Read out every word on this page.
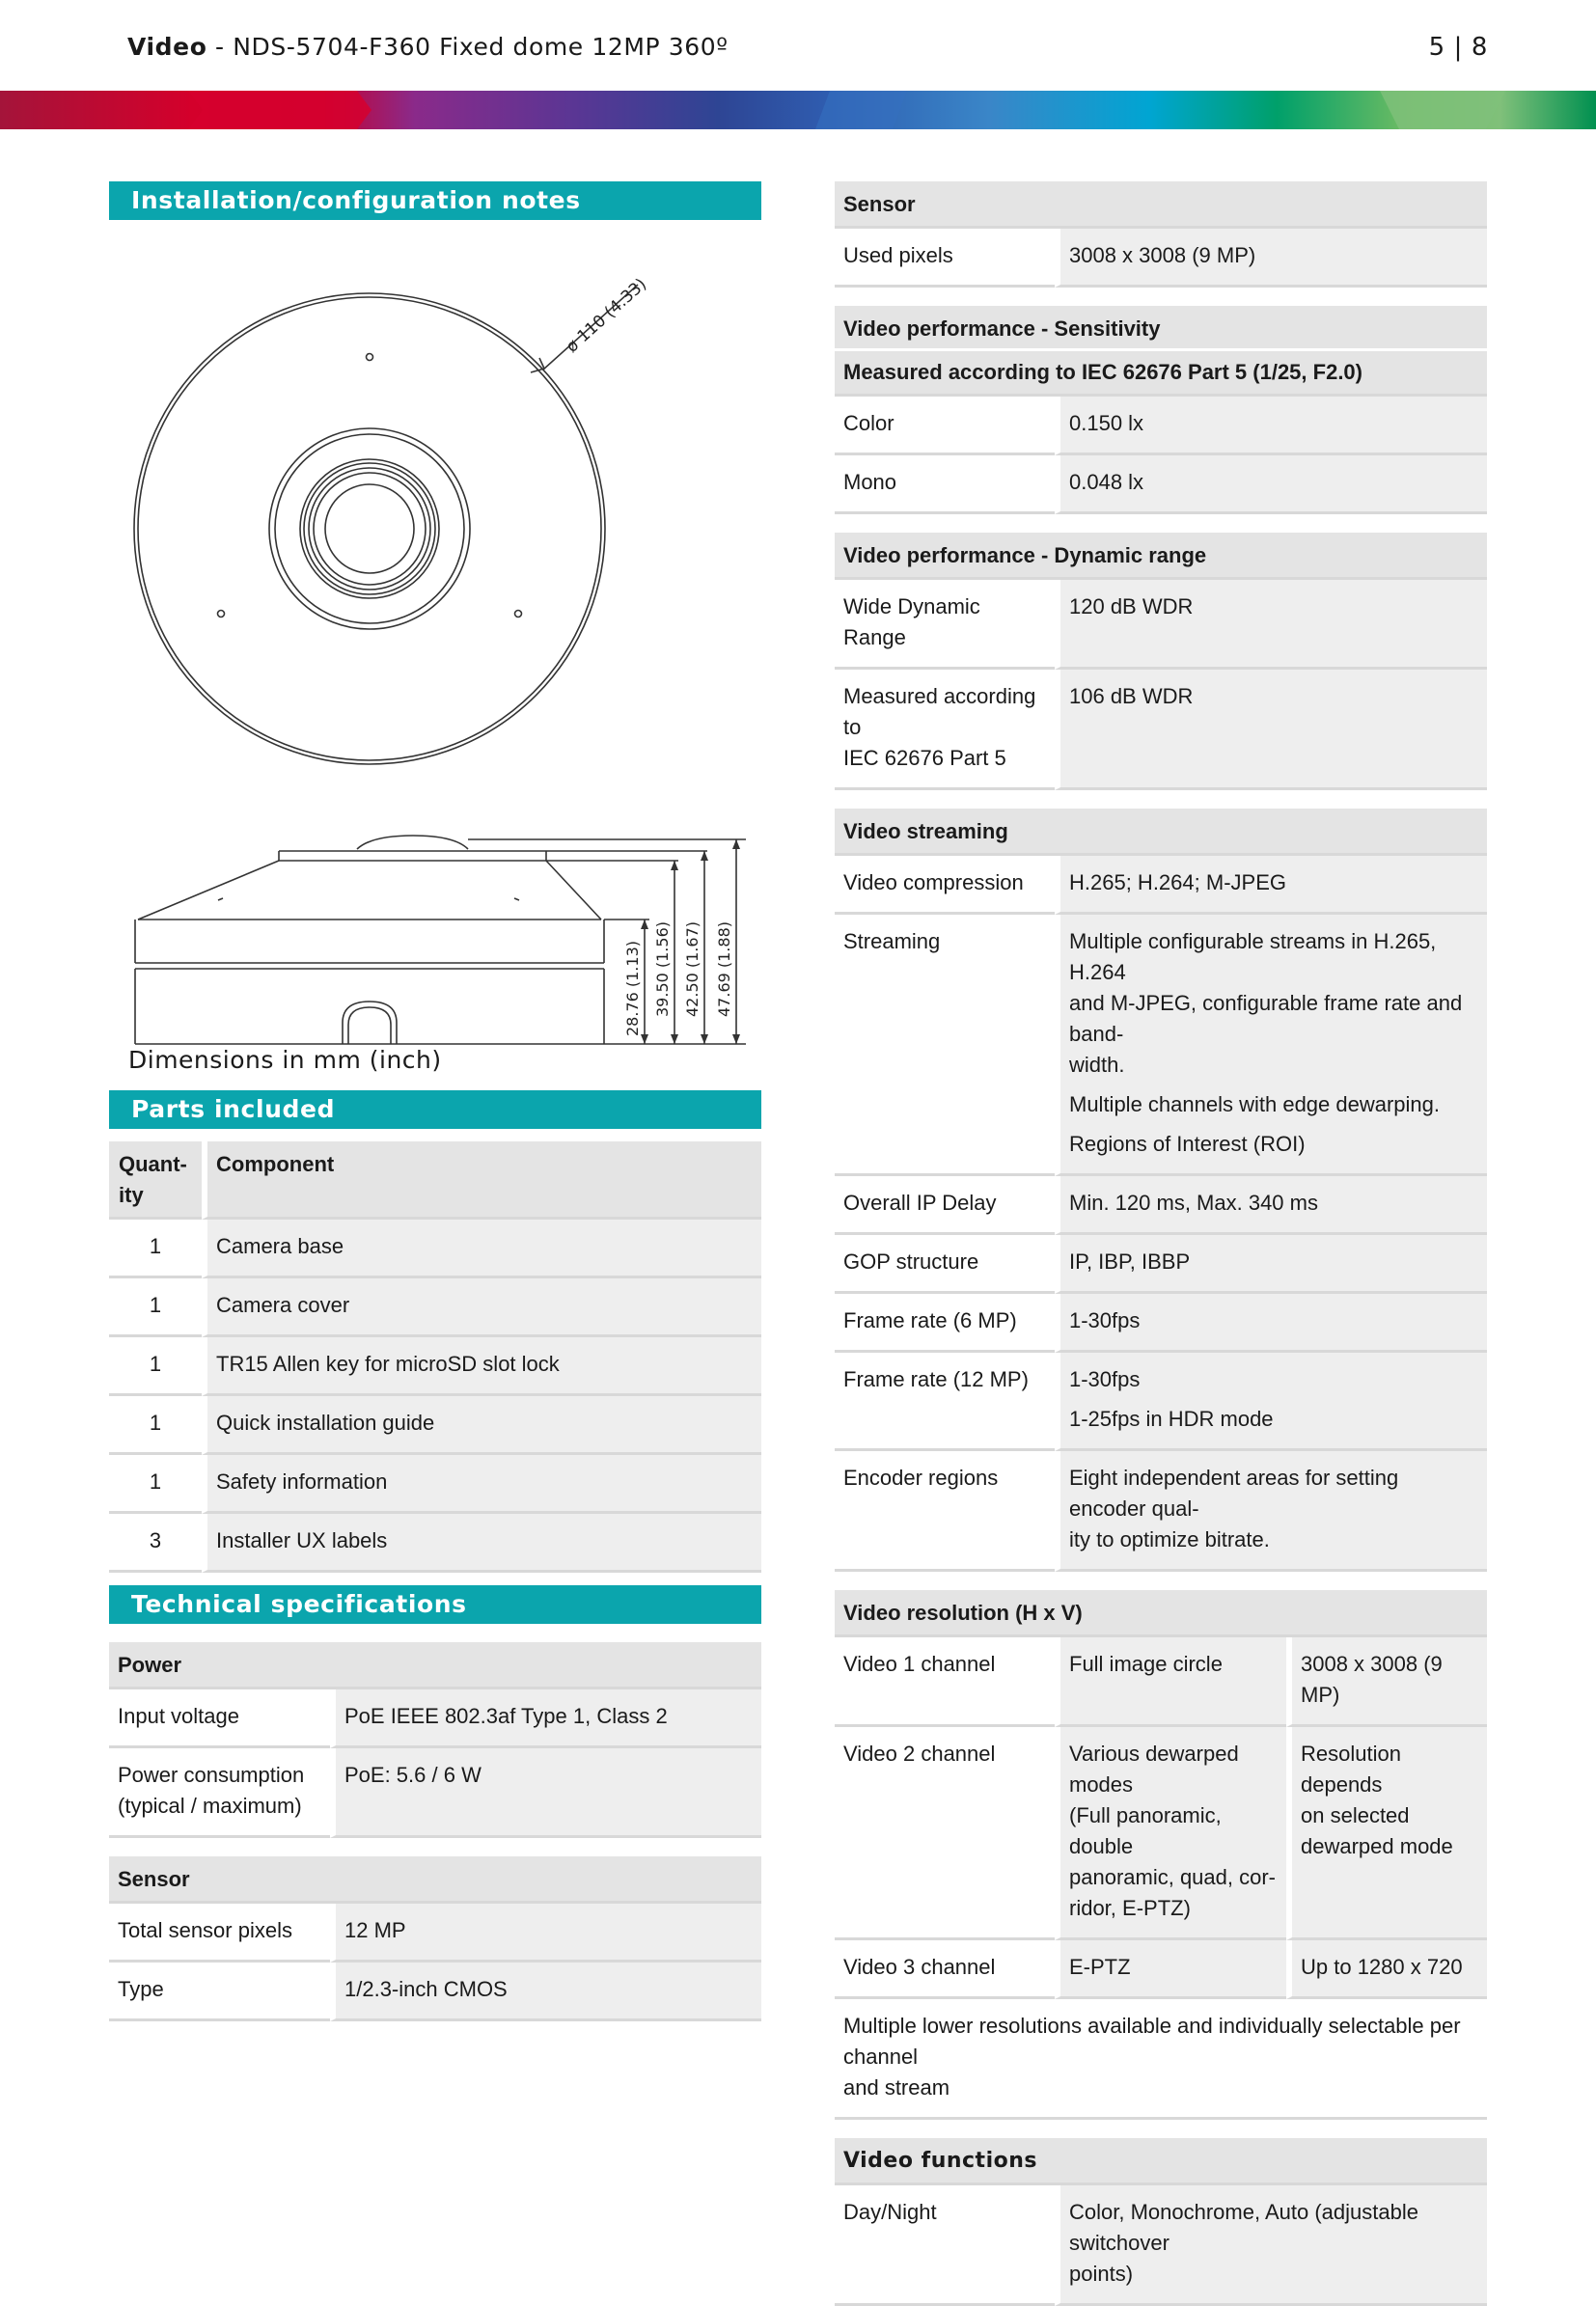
Video - NDS-5704-F360 Fixed dome 12MP 360º	5 | 8
Installation/configuration notes
ø 110 (4.33)
28.76 (1.13) 39.50 (1.56) 42.50 (1.67) 47.69 (1.88)
Dimensions in mm (inch)
Parts included
Quant-
ity	Component
1	Camera base
1	Camera cover
1	TR15 Allen key for microSD slot lock
1	Quick installation guide
1	Safety information
3	Installer UX labels
Technical specifications
Power	
Input voltage	PoE IEEE 802.3af Type 1, Class 2

Power consumption
(typical / maximum)	PoE: 5.6 / 6 W
Sensor	
Total sensor pixels	12 MP
Type	1/2.3-inch CMOS
Sensor
Used pixels	3008 x 3008 (9 MP)
Video performance - Sensitivity	
Measured according to IEC 62676 Part 5 (1/25, F2.0)	
Color	0.150 lx
Mono	0.048 lx
Video performance - Dynamic range	
Wide Dynamic Range	120 dB WDR

Measured according to
IEC 62676 Part 5	106 dB WDR
Video streaming	
Video compression	H.265; H.264; M-JPEG
Streaming	Multiple configurable streams in H.265, H.264
and M-JPEG, configurable frame rate and band-
width.
Multiple channels with edge dewarping.
Regions of Interest (ROI)

Overall IP Delay	Min. 120 ms, Max. 340 ms
GOP structure	IP, IBP, IBBP
Frame rate (6 MP)	1-30fps
Frame rate (12 MP)	1-30fps
1-25fps in HDR mode

Encoder regions	Eight independent areas for setting encoder qual-
ity to optimize bitrate.
Video resolution (H x V)		
Video 1 channel	Full image circle	3008 x 3008 (9 MP)
Video 2 channel	Various dewarped modes
(Full panoramic, double
panoramic, quad, cor-
ridor, E-PTZ)	Resolution depends
on selected
dewarped mode

Video 3 channel	E-PTZ	Up to 1280 x 720

Multiple lower resolutions available and individually selectable per channel
and stream		
Video functions
Day/Night	Color, Monochrome, Auto (adjustable switchover
points)
